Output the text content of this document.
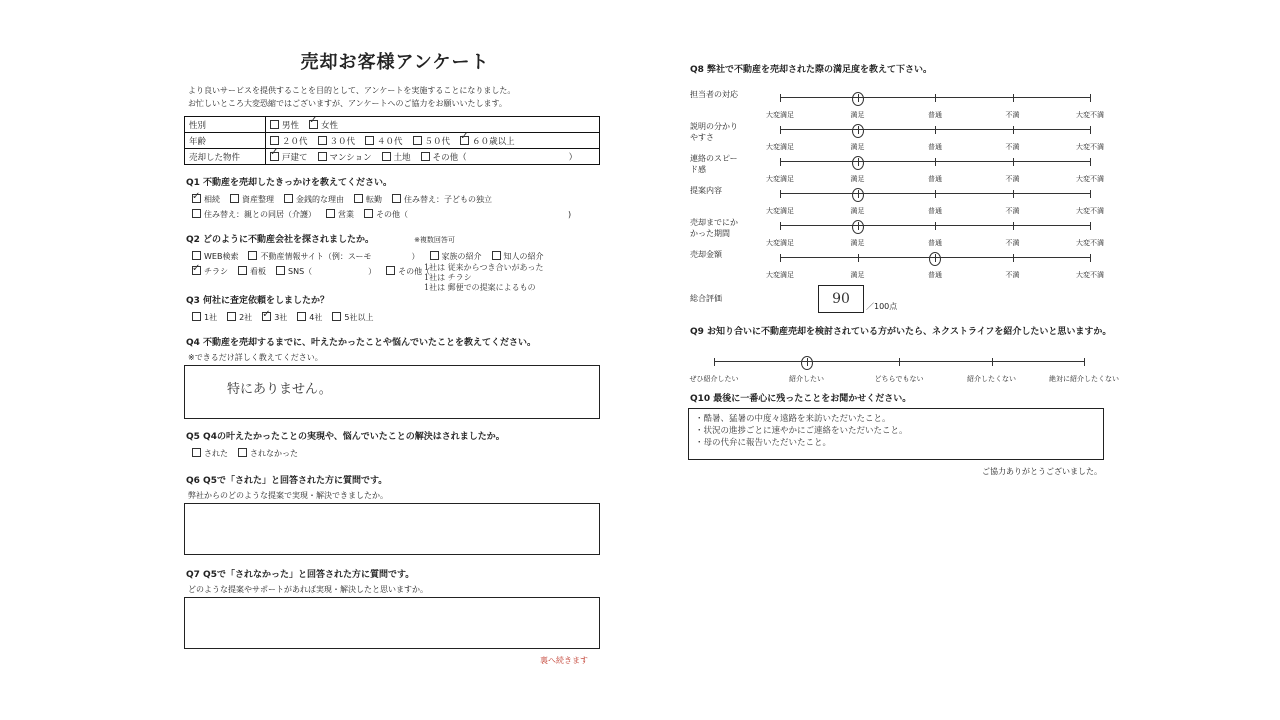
売却お客様アンケート
より良いサービスを提供することを目的として、アンケートを実施することになりました。
お忙しいところ大変恐縮ではございますが、アンケートへのご協力をお願いいたします。
性別	男性 ✓ 女性
年齢	２０代 ３０代 ４０代 ５０代 ✓ ６０歳以上
売却した物件	✓戸建て マンション 土地 その他（　　　　　　　　　　　　）
Q1 不動産を売却したきっかけを教えてください。
✓相続	資産整理	金銭的な理由	転勤	住み替え：子どもの独立
住み替え：親との同居（介護）	営業	その他（	)
Q2 どのように不動産会社を探されましたか。	※複数回答可
WEB検索	不動産情報サイト（例：スーモ　　　　　）	家族の紹介	知人の紹介
✓チラシ	看板	SNS（　　　　　　　）	その他（
1社は 従来からつき合いがあった
1社は チラシ
1社は 郵便での提案によるもの
Q3 何社に査定依頼をしましたか？
1社	2社 ✓	3社	4社	5社以上
Q4 不動産を売却するまでに、叶えたかったことや悩んでいたことを教えてください。
※できるだけ詳しく教えてください。
特にありません。
Q5 Q4の叶えたかったことの実現や、悩んでいたことの解決はされましたか。
された	されなかった
Q6 Q5で「された」と回答された方に質問です。
弊社からのどのような提案で実現・解決できましたか。
Q7 Q5で「されなかった」と回答された方に質問です。
どのような提案やサポートがあれば実現・解決したと思いますか。
裏へ続きます
Q8 弊社で不動産を売却された際の満足度を教えて下さい。
担当者の対応
大変満足	満足	普通	不満	大変不満
説明の分かりやすさ
大変満足	満足	普通	不満	大変不満
連絡のスピード感
大変満足	満足	普通	不満	大変不満
提案内容
大変満足	満足	普通	不満	大変不満
売却までにかかった期間
大変満足	満足	普通	不満	大変不満
売却金額
大変満足	満足	普通	不満	大変不満
総合評価	90	／100点
Q9 お知り合いに不動産売却を検討されている方がいたら、ネクストライフを紹介したいと思いますか。
ぜひ紹介したい	紹介したい	どちらでもない	紹介したくない	絶対に紹介したくない
Q10 最後に一番心に残ったことをお聞かせください。
・酷暑、猛暑の中度々遠路を来訪いただいたこと。
・状況の進捗ごとに速やかにご連絡をいただいたこと。
・母の代弁に報告いただいたこと。
ご協力ありがとうございました。
